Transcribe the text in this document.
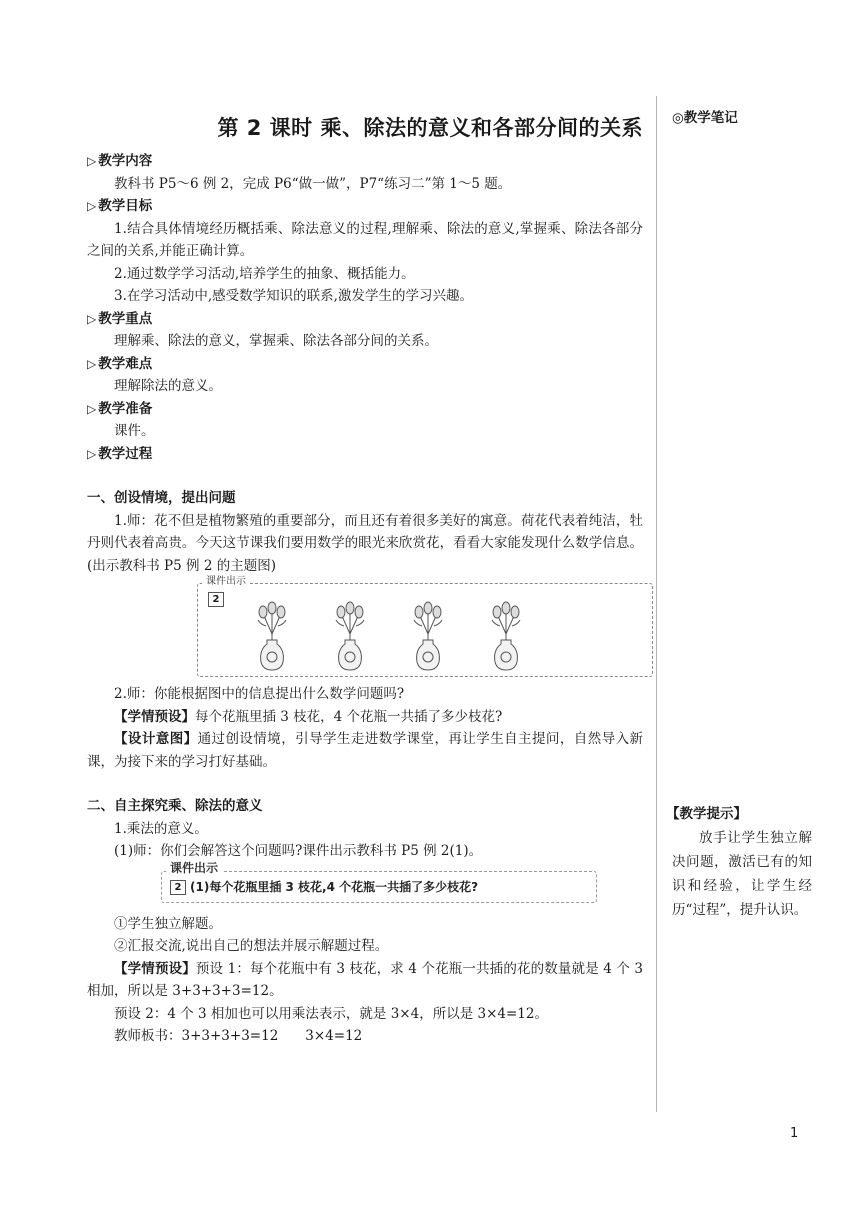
第 2 课时 乘、除法的意义和各部分间的关系
▷ 教学内容

教科书 P5～6 例 2，完成 P6“做一做”，P7“练习二”第 1～5 题。

▷ 教学目标

1.结合具体情境经历概括乘、除法意义的过程,理解乘、除法的意义,掌握乘、除法各部分之间的关系,并能正确计算。

2.通过数学学习活动,培养学生的抽象、概括能力。

3.在学习活动中,感受数学知识的联系,激发学生的学习兴趣。

▷ 教学重点

理解乘、除法的意义，掌握乘、除法各部分间的关系。

▷ 教学难点

理解除法的意义。

▷ 教学准备

课件。

▷ 教学过程
一、创设情境，提出问题

1.师：花不但是植物繁殖的重要部分，而且还有着很多美好的寓意。荷花代表着纯洁，牡丹则代表着高贵。今天这节课我们要用数学的眼光来欣赏花，看看大家能发现什么数学信息。(出示教科书 P5 例 2 的主题图)

课件出示
2

2.师：你能根据图中的信息提出什么数学问题吗?

【学情预设】每个花瓶里插 3 枝花，4 个花瓶一共插了多少枝花?

【设计意图】通过创设情境，引导学生走进数学课堂，再让学生自主提问，自然导入新课，为接下来的学习打好基础。

二、自主探究乘、除法的意义

1.乘法的意义。

(1)师：你们会解答这个问题吗?课件出示教科书 P5 例 2(1)。

课件出示
2 (1)每个花瓶里插 3 枝花,4 个花瓶一共插了多少枝花?

①学生独立解题。

②汇报交流,说出自己的想法并展示解题过程。

【学情预设】预设 1：每个花瓶中有 3 枝花，求 4 个花瓶一共插的花的数量就是 4 个 3 相加，所以是 3+3+3+3=12。

预设 2：4 个 3 相加也可以用乘法表示，就是 3×4，所以是 3×4=12。

教师板书：3+3+3+3=12　　3×4=12

◎教学笔记
【教学提示】
放手让学生独立解决问题，激活已有的知识和经验，让学生经历“过程”，提升认识。
1
